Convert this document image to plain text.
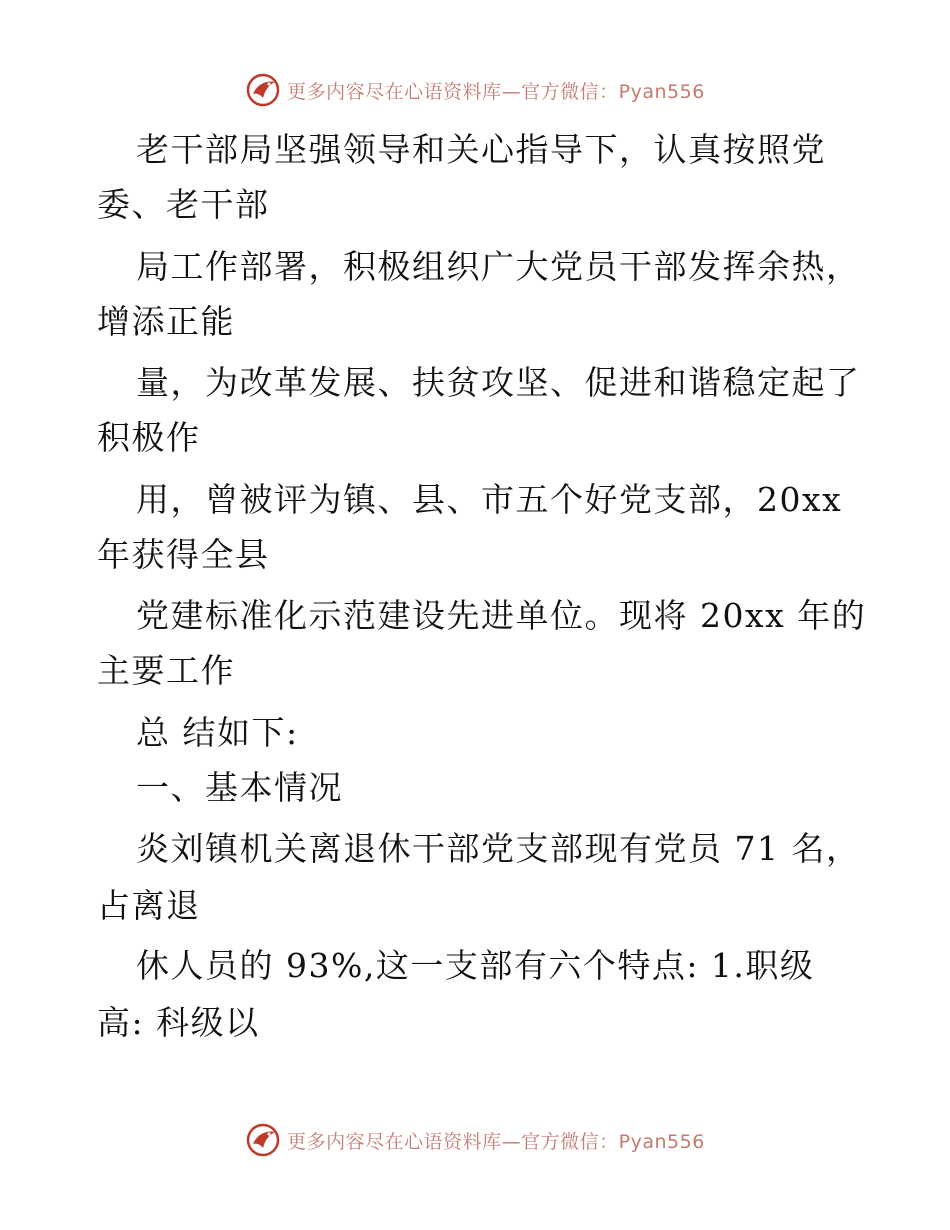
更多内容尽在心语资料库—官方微信：Pyan556
老干部局坚强领导和关心指导下，认真按照党
委、老干部
局工作部署，积极组织广大党员干部发挥余热，
增添正能
量，为改革发展、扶贫攻坚、促进和谐稳定起了
积极作
用，曾被评为镇、县、市五个好党支部，20xx
年获得全县
党建标准化示范建设先进单位。现将 20xx 年的
主要工作
总 结如下:
一、基本情况
炎刘镇机关离退休干部党支部现有党员 71 名，
占离退
休人员的 93%,这一支部有六个特点: 1.职级
高: 科级以
更多内容尽在心语资料库—官方微信：Pyan556
